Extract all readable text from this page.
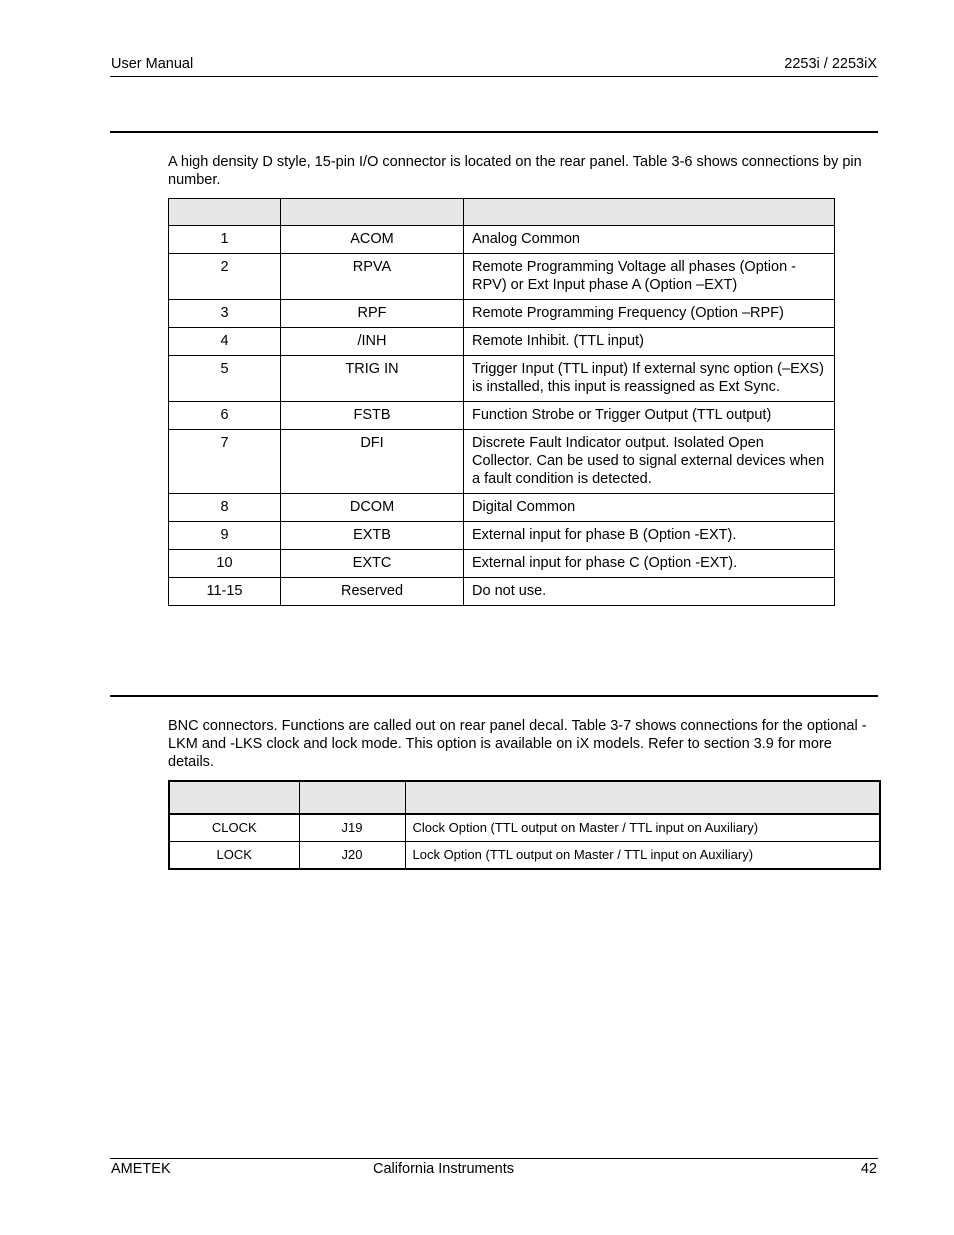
User Manual	2253i / 2253iX
A high density D style, 15-pin I/O connector is located on the rear panel. Table 3-6 shows connections by pin number.

1	ACOM	Analog Common
2	RPVA	Remote Programming Voltage all phases (Option -RPV) or Ext Input phase A (Option –EXT)
3	RPF	Remote Programming Frequency (Option –RPF)
4	/INH	Remote Inhibit. (TTL input)
5	TRIG IN	Trigger Input (TTL input) If external sync option (–EXS) is installed, this input is reassigned as Ext Sync.
6	FSTB	Function Strobe or Trigger Output (TTL output)
7	DFI	Discrete Fault Indicator output. Isolated Open Collector. Can be used to signal external devices when a fault condition is detected.
8	DCOM	Digital Common
9	EXTB	External input for phase B (Option -EXT).
10	EXTC	External input for phase C (Option -EXT).
11-15	Reserved	Do not use.
BNC connectors. Functions are called out on rear panel decal. Table 3-7 shows connections for the optional -LKM and -LKS clock and lock mode. This option is available on iX models. Refer to section 3.9 for more details.

CLOCK	J19	Clock Option (TTL output on Master / TTL input on Auxiliary)
LOCK	J20	Lock Option (TTL output on Master / TTL input on Auxiliary)
AMETEK	California Instruments	42
